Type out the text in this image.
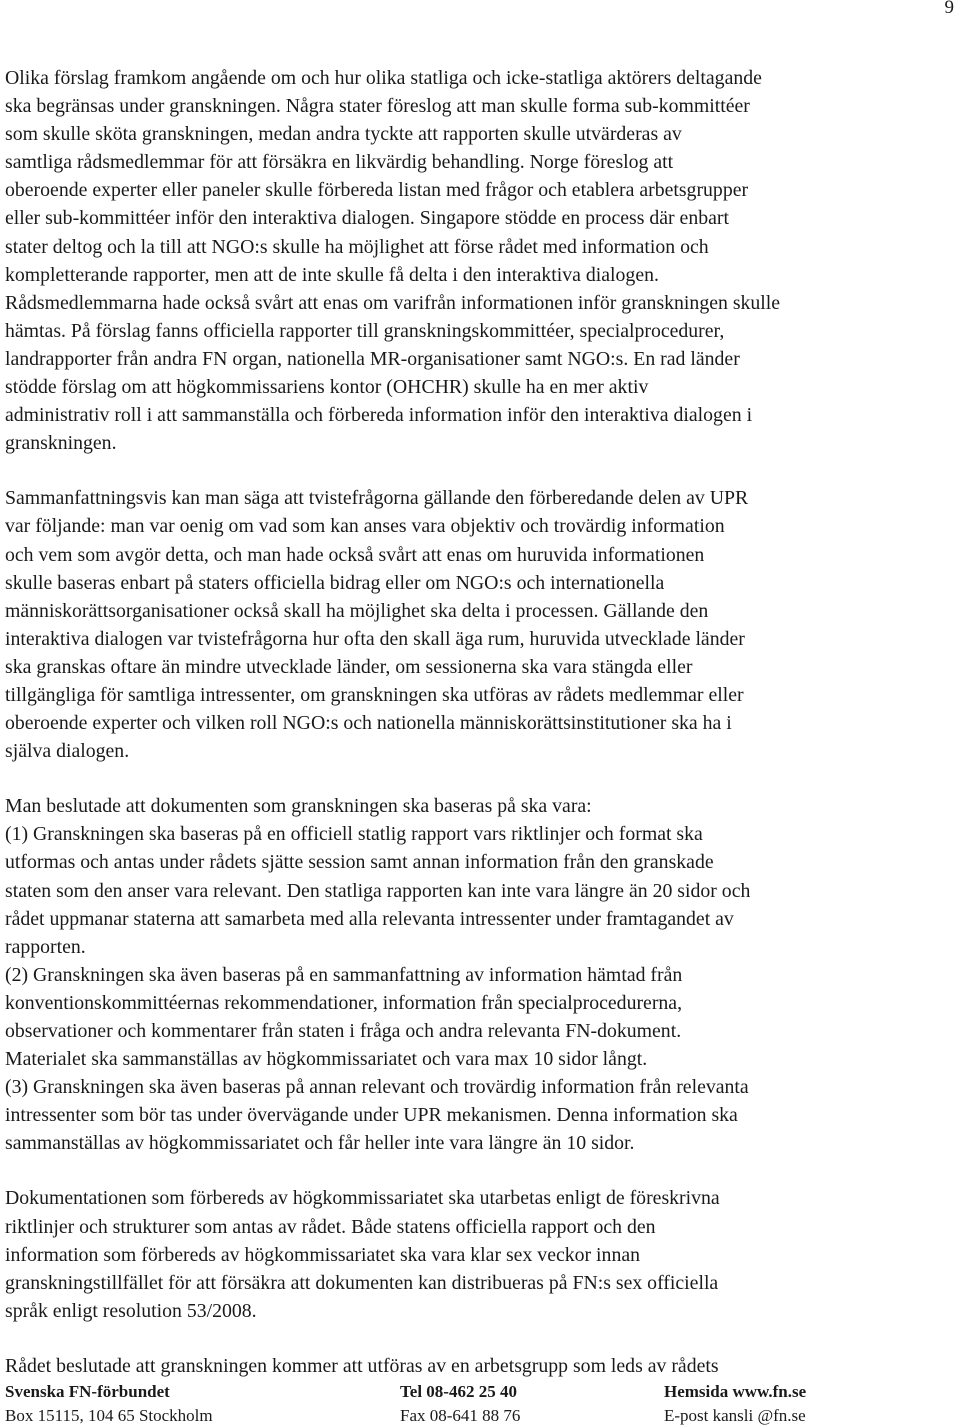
9
Olika förslag framkom angående om och hur olika statliga och icke-statliga aktörers deltagande
ska begränsas under granskningen. Några stater föreslog att man skulle forma sub-kommittéer
som skulle sköta granskningen, medan andra tyckte att rapporten skulle utvärderas av
samtliga rådsmedlemmar för att försäkra en likvärdig behandling. Norge föreslog att
oberoende experter eller paneler skulle förbereda listan med frågor och etablera arbetsgrupper
eller sub-kommittéer inför den interaktiva dialogen. Singapore stödde en process där enbart
stater deltog och la till att NGO:s skulle ha möjlighet att förse rådet med information och
kompletterande rapporter, men att de inte skulle få delta i den interaktiva dialogen.
Rådsmedlemmarna hade också svårt att enas om varifrån informationen inför granskningen skulle
hämtas. På förslag fanns officiella rapporter till granskningskommittéer, specialprocedurer,
landrapporter från andra FN organ, nationella MR-organisationer samt NGO:s. En rad länder
stödde förslag om att högkommissariens kontor (OHCHR) skulle ha en mer aktiv
administrativ roll i att sammanställa och förbereda information inför den interaktiva dialogen i
granskningen.
Sammanfattningsvis kan man säga att tvistefrågorna gällande den förberedande delen av UPR
var följande: man var oenig om vad som kan anses vara objektiv och trovärdig information
och vem som avgör detta, och man hade också svårt att enas om huruvida informationen
skulle baseras enbart på staters officiella bidrag eller om NGO:s och internationella
människorättsorganisationer också skall ha möjlighet ska delta i processen. Gällande den
interaktiva dialogen var tvistefrågorna hur ofta den skall äga rum, huruvida utvecklade länder
ska granskas oftare än mindre utvecklade länder, om sessionerna ska vara stängda eller
tillgängliga för samtliga intressenter, om granskningen ska utföras av rådets medlemmar eller
oberoende experter och vilken roll NGO:s och nationella människorättsinstitutioner ska ha i
själva dialogen.
Man beslutade att dokumenten som granskningen ska baseras på ska vara:
(1) Granskningen ska baseras på en officiell statlig rapport vars riktlinjer och format ska
utformas och antas under rådets sjätte session samt annan information från den granskade
staten som den anser vara relevant. Den statliga rapporten kan inte vara längre än 20 sidor och
rådet uppmanar staterna att samarbeta med alla relevanta intressenter under framtagandet av
rapporten.
(2) Granskningen ska även baseras på en sammanfattning av information hämtad från
konventionskommittéernas rekommendationer, information från specialprocedurerna,
observationer och kommentarer från staten i fråga och andra relevanta FN-dokument.
Materialet ska sammanställas av högkommissariatet och vara max 10 sidor långt.
(3) Granskningen ska även baseras på annan relevant och trovärdig information från relevanta
intressenter som bör tas under övervägande under UPR mekanismen. Denna information ska
sammanställas av högkommissariatet och får heller inte vara längre än 10 sidor.
Dokumentationen som förbereds av högkommissariatet ska utarbetas enligt de föreskrivna
riktlinjer och strukturer som antas av rådet. Både statens officiella rapport och den
information som förbereds av högkommissariatet ska vara klar sex veckor innan
granskningstillfället för att försäkra att dokumenten kan distribueras på FN:s sex officiella
språk enligt resolution 53/2008.
Rådet beslutade att granskningen kommer att utföras av en arbetsgrupp som leds av rådets
Svenska FN-förbundet	Tel 08-462 25 40	Hemsida www.fn.se
Box 15115, 104 65 Stockholm	Fax 08-641 88 76	E-post kansli @fn.se
